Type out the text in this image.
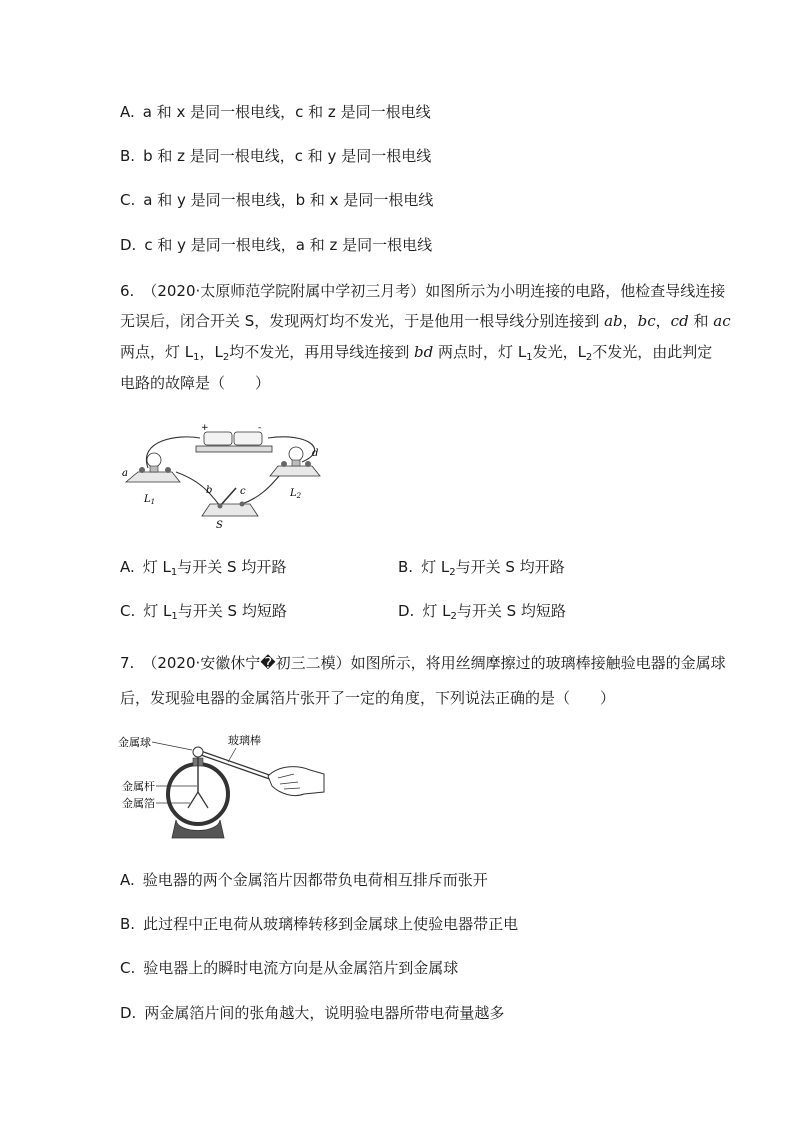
A. a 和 x 是同一根电线，c 和 z 是同一根电线
B. b 和 z 是同一根电线，c 和 y 是同一根电线
C. a 和 y 是同一根电线，b 和 x 是同一根电线
D. c 和 y 是同一根电线，a 和 z 是同一根电线
6. （2020·太原师范学院附属中学初三月考）如图所示为小明连接的电路，他检查导线连接
无误后，闭合开关 S，发现两灯均不发光，于是他用一根导线分别连接到 ab，bc，cd 和 ac
两点，灯 $L_1$，$L_2$均不发光，再用导线连接到 bd 两点时，灯 $L_1$发光，$L_2$不发光，由此判定
电路的故障是（　　）
+	-
a
$L_1$
d
$L_2$
b	c
S
A. 灯 $L_1$与开关 S 均开路	B. 灯 $L_2$与开关 S 均开路
C. 灯 $L_1$与开关 S 均短路	D. 灯 $L_2$与开关 S 均短路
7. （2020·安徽休宁�初三二模）如图所示，将用丝绸摩擦过的玻璃棒接触验电器的金属球
后，发现验电器的金属箔片张开了一定的角度，下列说法正确的是（　　）
金属球	玻璃棒
金属杆
金属箔
A. 验电器的两个金属箔片因都带负电荷相互排斥而张开
B. 此过程中正电荷从玻璃棒转移到金属球上使验电器带正电
C. 验电器上的瞬时电流方向是从金属箔片到金属球
D. 两金属箔片间的张角越大，说明验电器所带电荷量越多
